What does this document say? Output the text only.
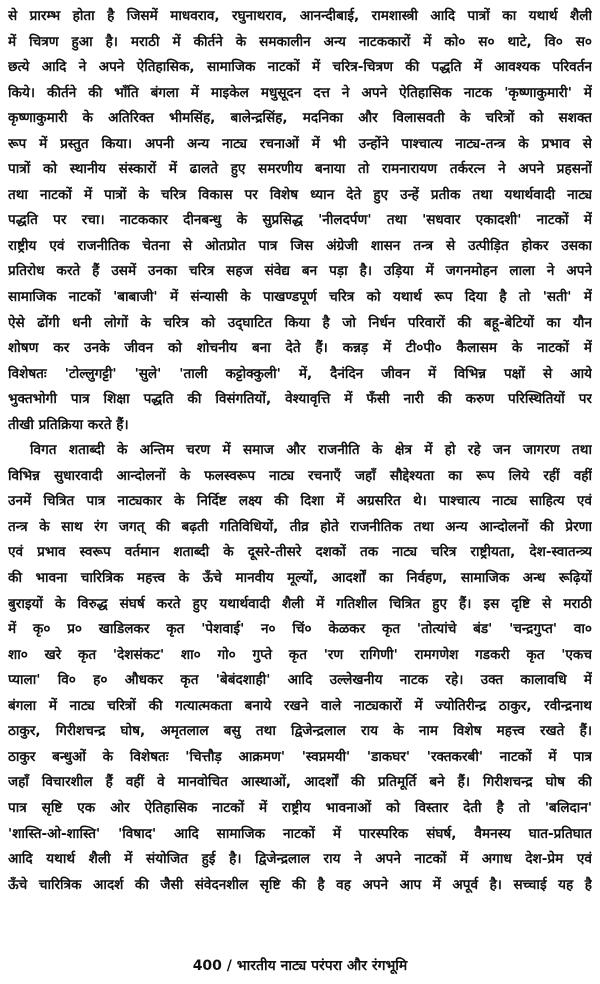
से प्रारम्भ होता है जिसमें माधवराव, रघुनाथराव, आनन्दीबाई, रामशास्त्री आदि पात्रों का यथार्थ शैली
में चित्रण हुआ है। मराठी में कीर्तने के समकालीन अन्य नाटककारों में को० स० थाटे, वि० स०
छत्ये आदि ने अपने ऐतिहासिक, सामाजिक नाटकों में चरित्र-चित्रण की पद्धति में आवश्यक परिवर्तन
किये। कीर्तने की भाँति बंगला में माइकेल मधुसूदन दत्त ने अपने ऐतिहासिक नाटक 'कृष्णाकुमारी' में
कृष्णाकुमारी के अतिरिक्त भीमसिंह, बालेन्द्रसिंह, मदनिका और विलासवती के चरित्रों को सशक्त
रूप में प्रस्तुत किया। अपनी अन्य नाट्य रचनाओं में भी उन्होंने पाश्चात्य नाट्य-तन्त्र के प्रभाव से
पात्रों को स्थानीय संस्कारों में ढालते हुए समरणीय बनाया तो रामनारायण तर्करत्न ने अपने प्रहसनों
तथा नाटकों में पात्रों के चरित्र विकास पर विशेष ध्यान देते हुए उन्हें प्रतीक तथा यथार्थवादी नाट्य
पद्धति पर रचा। नाटककार दीनबन्धु के सुप्रसिद्ध 'नीलदर्पण' तथा 'सधवार एकादशी' नाटकों में
राष्ट्रीय एवं राजनीतिक चेतना से ओतप्रोत पात्र जिस अंग्रेजी शासन तन्त्र से उत्पीड़ित होकर उसका
प्रतिरोध करते हैं उसमें उनका चरित्र सहज संवेद्य बन पड़ा है। उड़िया में जगनमोहन लाला ने अपने
सामाजिक नाटकों 'बाबाजी' में संन्यासी के पाखण्डपूर्ण चरित्र को यथार्थ रूप दिया है तो 'सती' में
ऐसे ढोंगी धनी लोगों के चरित्र को उद्‍घाटित किया है जो निर्धन परिवारों की बहू-बेटियों का यौन
शोषण कर उनके जीवन को शोचनीय बना देते हैं। कन्नड़ में टी०पी० कैलासम के नाटकों में
विशेषतः 'टोल्लुगट्टी' 'सुले' 'ताली कट्टोक्कुली' में, दैनंदिन जीवन में विभिन्न पक्षों से आये
भुक्तभोगी पात्र शिक्षा पद्धति की विसंगतियों, वेश्यावृत्ति में फँसी नारी की करुण परिस्थितियों पर
तीखी प्रतिक्रिया करते हैं।
विगत शताब्दी के अन्तिम चरण में समाज और राजनीति के क्षेत्र में हो रहे जन जागरण तथा
विभिन्न सुधारवादी आन्दोलनों के फलस्वरूप नाट्य रचनाएँ जहाँ सौद्देश्यता का रूप लिये रहीं वहीं
उनमें चित्रित पात्र नाट्यकार के निर्दिष्ट लक्ष्य की दिशा में अग्रसरित थे। पाश्चात्य नाट्य साहित्य एवं
तन्त्र के साथ रंग जगत् की बढ़ती गतिविधियों, तीव्र होते राजनीतिक तथा अन्य आन्दोलनों की प्रेरणा
एवं प्रभाव स्वरूप वर्तमान शताब्दी के दूसरे-तीसरे दशकों तक नाट्य चरित्र राष्ट्रीयता, देश-स्वातन्त्र्य
की भावना चारित्रिक महत्त्व के ऊँचे मानवीय मूल्यों, आदर्शों का निर्वहण, सामाजिक अन्ध रूढ़ियों
बुराइयों के विरुद्ध संघर्ष करते हुए यथार्थवादी शैली में गतिशील चित्रित हुए हैं। इस दृष्टि से मराठी
में कृ० प्र० खाडिलकर कृत 'पेशवाई' न० चिं० केळकर कृत 'तोत्यांचे बंड' 'चन्द्रगुप्त' वा०
शा० खरे कृत 'देशसंकट' शा० गो० गुप्ते कृत 'रण रागिणी' रामगणेश गडकरी कृत 'एकच
प्याला' वि० ह० औधकर कृत 'बेबंदशाही' आदि उल्लेखनीय नाटक रहे। उक्त कालावधि में
बंगला में नाट्य चरित्रों की गत्यात्मकता बनाये रखने वाले नाट्यकारों में ज्योतिरीन्द्र ठाकुर, रवीन्द्रनाथ
ठाकुर, गिरीशचन्द्र घोष, अमृतलाल बसु तथा द्विजेन्द्रलाल राय के नाम विशेष महत्त्व रखते हैं।
ठाकुर बन्धुओं के विशेषतः 'चित्तौड़ आक्रमण' 'स्वप्नमयी' 'डाकघर' 'रक्तकरबी' नाटकों में पात्र
जहाँ विचारशील हैं वहीं वे मानवोचित आस्थाओं, आदर्शों की प्रतिमूर्ति बने हैं। गिरीशचन्द्र घोष की
पात्र सृष्टि एक ओर ऐतिहासिक नाटकों में राष्ट्रीय भावनाओं को विस्तार देती है तो 'बलिदान'
'शास्ति-ओ-शास्ति' 'विषाद' आदि सामाजिक नाटकों में पारस्परिक संघर्ष, वैमनस्य घात-प्रतिघात
आदि यथार्थ शैली में संयोजित हुई है। द्विजेन्द्रलाल राय ने अपने नाटकों में अगाध देश-प्रेम एवं
ऊँचे चारित्रिक आदर्श की जैसी संवेदनशील सृष्टि की है वह अपने आप में अपूर्व है। सच्चाई यह है
400 / भारतीय नाट्य परंपरा और रंगभूमि
